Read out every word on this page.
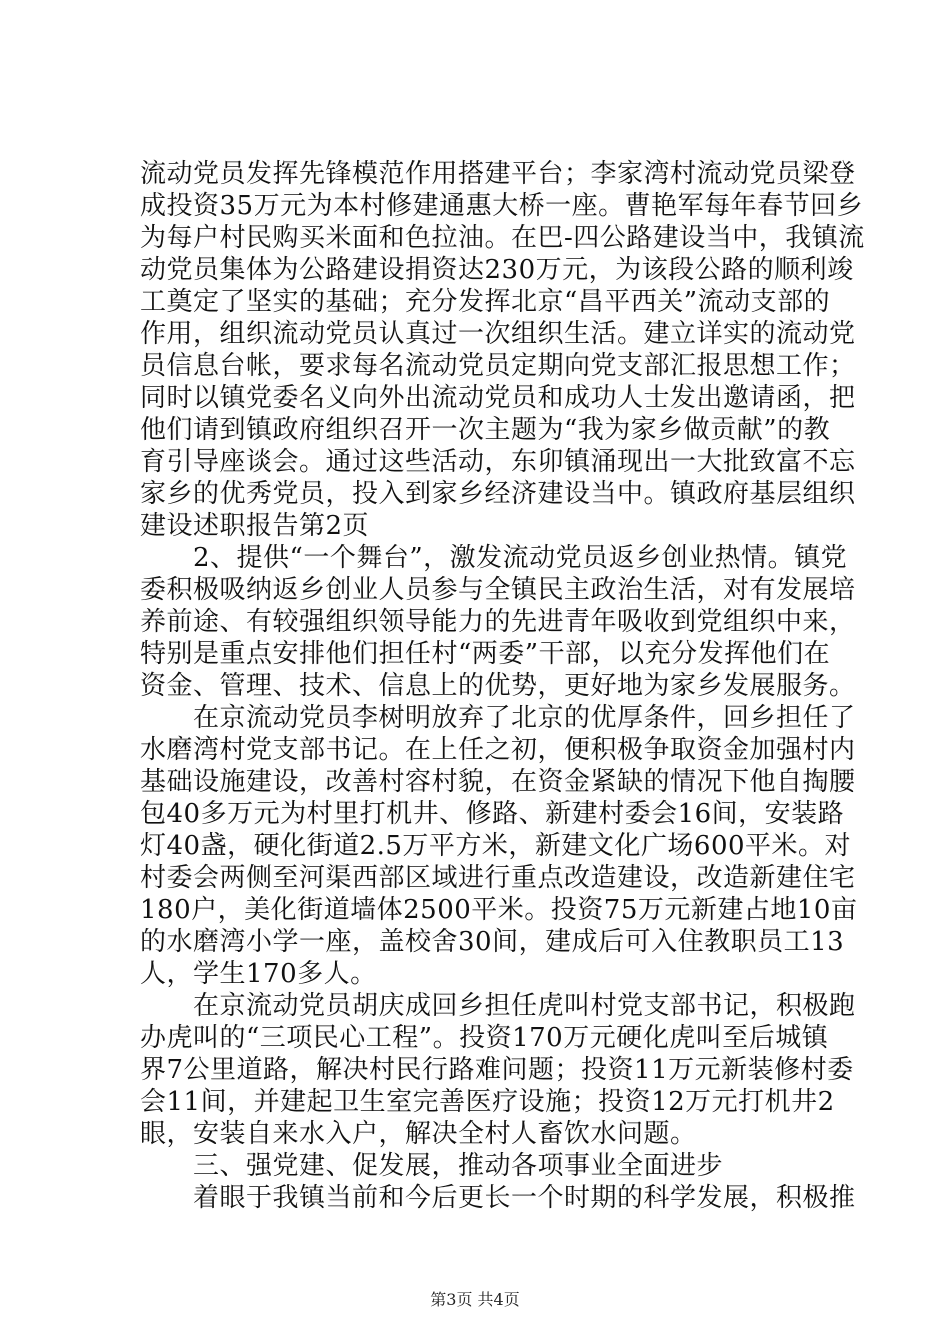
流动党员发挥先锋模范作用搭建平台；李家湾村流动党员梁登
成投资35万元为本村修建通惠大桥一座。曹艳军每年春节回乡
为每户村民购买米面和色拉油。在巴-四公路建设当中，我镇流
动党员集体为公路建设捐资达230万元，为该段公路的顺利竣
工奠定了坚实的基础；充分发挥北京“昌平西关”流动支部的
作用，组织流动党员认真过一次组织生活。建立详实的流动党
员信息台帐，要求每名流动党员定期向党支部汇报思想工作；
同时以镇党委名义向外出流动党员和成功人士发出邀请函，把
他们请到镇政府组织召开一次主题为“我为家乡做贡献”的教
育引导座谈会。通过这些活动，东卯镇涌现出一大批致富不忘
家乡的优秀党员，投入到家乡经济建设当中。镇政府基层组织
建设述职报告第2页
　　2、提供“一个舞台”，激发流动党员返乡创业热情。镇党
委积极吸纳返乡创业人员参与全镇民主政治生活，对有发展培
养前途、有较强组织领导能力的先进青年吸收到党组织中来，
特别是重点安排他们担任村“两委”干部，以充分发挥他们在
资金、管理、技术、信息上的优势，更好地为家乡发展服务。
　　在京流动党员李树明放弃了北京的优厚条件，回乡担任了
水磨湾村党支部书记。在上任之初，便积极争取资金加强村内
基础设施建设，改善村容村貌，在资金紧缺的情况下他自掏腰
包40多万元为村里打机井、修路、新建村委会16间，安装路
灯40盏，硬化街道2.5万平方米，新建文化广场600平米。对
村委会两侧至河渠西部区域进行重点改造建设，改造新建住宅
180户，美化街道墙体2500平米。投资75万元新建占地10亩
的水磨湾小学一座，盖校舍30间，建成后可入住教职员工13
人，学生170多人。
　　在京流动党员胡庆成回乡担任虎叫村党支部书记，积极跑
办虎叫的“三项民心工程”。投资170万元硬化虎叫至后城镇
界7公里道路，解决村民行路难问题；投资11万元新装修村委
会11间，并建起卫生室完善医疗设施；投资12万元打机井2
眼，安装自来水入户，解决全村人畜饮水问题。
　　三、强党建、促发展，推动各项事业全面进步
　　着眼于我镇当前和今后更长一个时期的科学发展，积极推
第3页 共4页
